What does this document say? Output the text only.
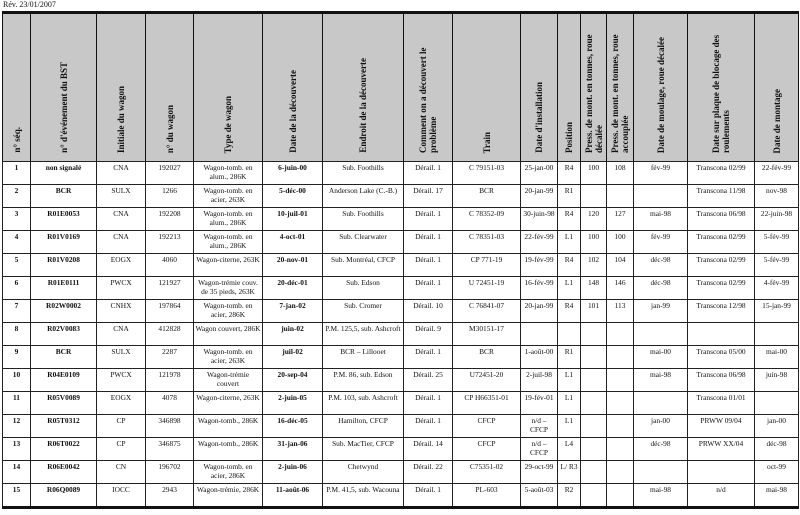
Rév. 23/01/2007
n° séq.	n° d'événement du BST	Initiale du wagon	n° du wagon	Type de wagon	Date de la découverte	Endroit de la découverte	Comment on a découvert le problème	Train	Date d'installation	Position	Press. de mont. en tonnes, roue décalée	Press. de mont. en tonnes, roue accouplée	Date de moulage, roue décalée	Date sur plaque de blocage des roulements	Date de montage
1	non signalé	CNA	192027	Wagon-tomb. en alum., 286K	6-juin-00	Sub. Foothills	Dérail. 1	C 79151-03	25-jan-00	R4	100	108	fév-99	Transcona 02/99	22-fév-99
2	BCR	SULX	1266	Wagon-tomb. en acier, 263K	5-déc-00	Anderson Lake (C.-B.)	Dérail. 17	BCR	20-jan-99	R1				Transcona 11/98	nov-98
3	R01E0053	CNA	192208	Wagon-tomb. en alum., 286K	10-juil-01	Sub. Foothills	Dérail. 1	C 78352-09	30-juin-98	R4	120	127	mai-98	Transcona 06/98	22-juin-98
4	R01V0169	CNA	192213	Wagon-tomb. en alum., 286K	4-oct-01	Sub. Clearwater	Dérail. 1	C 78351-03	22-fév-99	L1	100	100	fév-99	Transcona 02/99	5-fév-99
5	R01V0208	EOGX	4060	Wagon-citerne, 263K	20-nov-01	Sub. Montréal, CFCP	Dérail. 1	CP 771-19	19-fév-99	R4	102	104	déc-98	Transcona 02/99	5-fév-99
6	R01E0111	PWCX	121927	Wagon-trémie couv. de 35 pieds, 263K	20-déc-01	Sub. Edson	Dérail. 1	U 72451-19	16-fév-99	L1	148	146	déc-98	Transcona 02/99	4-fév-99
7	R02W0002	CNHX	197864	Wagon-tomb. en acier, 286K	7-jan-02	Sub. Cromer	Dérail. 10	C 76841-07	20-jan-99	R4	101	113	jan-99	Transcona 12/98	15-jan-99
8	R02V0083	CNA	412828	Wagon couvert, 286K	juin-02	P.M. 125,5, sub. Ashcroft	Dérail. 9	M30151-17							
9	BCR	SULX	2287	Wagon-tomb. en acier, 263K	juil-02	BCR – Lillooet	Dérail. 1	BCR	1-août-00	R1			mai-00	Transcona 05/00	mai-00
10	R04E0109	PWCX	121978	Wagon-trémie couvert	20-sep-04	P.M. 86, sub. Edson	Dérail. 25	U72451-20	2-juil-98	L1			mai-98	Transcona 06/98	juin-98
11	R05V0089	EOGX	4078	Wagon-citerne, 263K	2-juin-05	P.M. 103, sub. Ashcroft	Dérail. 1	CP H66351-01	19-fév-01	L1				Transcona 01/01	
12	R05T0312	CP	346898	Wagon-tomb., 286K	16-déc-05	Hamilton, CFCP	Dérail. 1	CFCP	n/d – CFCP	L1			jan-00	PRWW 09/04	jan-00
13	R06T0022	CP	346875	Wagon-tomb., 286K	31-jan-06	Sub. MacTier, CFCP	Dérail. 14	CFCP	n/d – CFCP	L4			déc-98	PRWW XX/04	déc-98
14	R06E0042	CN	196702	Wagon-tomb. en acier, 286K	2-juin-06	Chetwynd	Dérail. 22	C75351-02	29-oct-99	L/ R3					oct-99
15	R06Q0089	IOCC	2943	Wagon-trémie, 286K	11-août-06	P.M. 41,5, sub. Wacouna	Dérail. 1	PL-603	5-août-03	R2			mai-98	n/d	mai-98
